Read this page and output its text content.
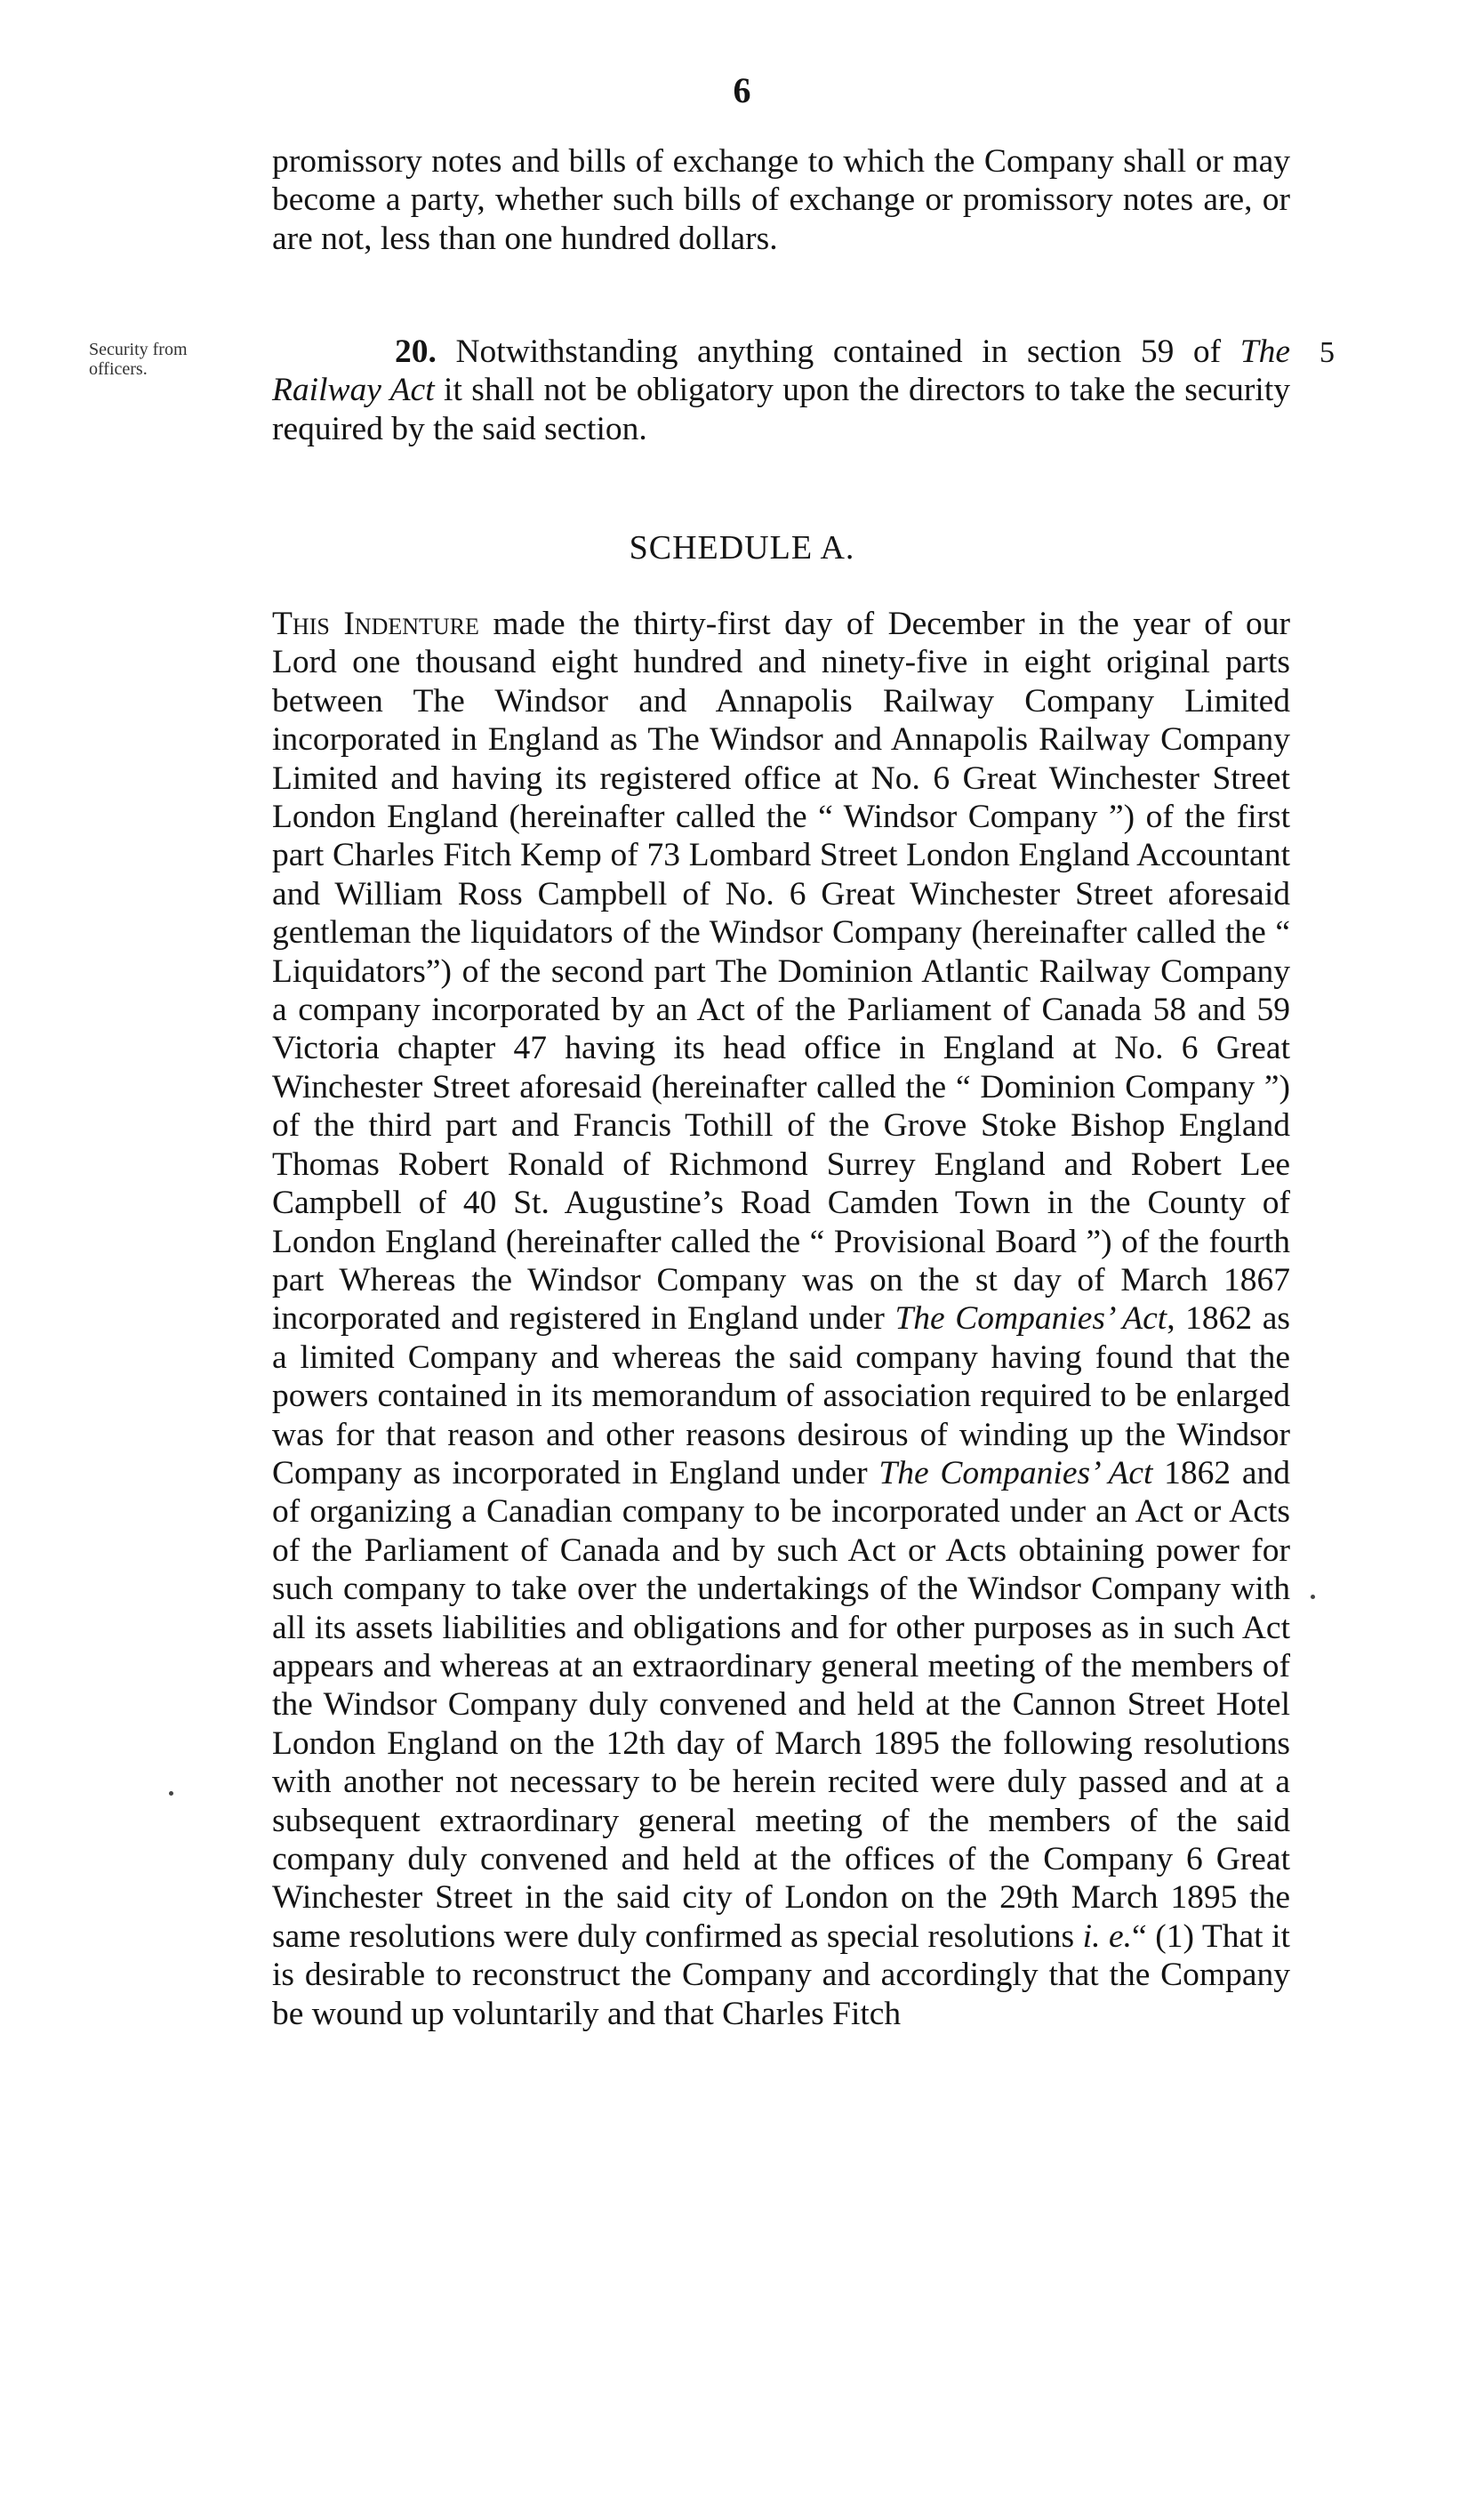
6
promissory notes and bills of exchange to which the Company shall or may become a party, whether such bills of exchange or promissory notes are, or are not, less than one hundred dollars.
Security from officers.	5
20. Notwithstanding anything contained in section 59 of The Railway Act it shall not be obligatory upon the directors to take the security required by the said section.
SCHEDULE A.
This Indenture made the thirty-first day of December in the year of our Lord one thousand eight hundred and ninety-five in eight original parts between The Windsor and Annapolis Railway Company Limited incorporated in England as The Windsor and Annapolis Railway Company Limited and having its registered office at No. 6 Great Winchester Street London England (hereinafter called the “ Windsor Company ”) of the first part Charles Fitch Kemp of 73 Lombard Street London England Accountant and William Ross Campbell of No. 6 Great Winchester Street aforesaid gentleman the liquidators of the Windsor Company (hereinafter called the “ Liquidators”) of the second part The Dominion Atlantic Railway Company a company incorporated by an Act of the Parliament of Canada 58 and 59 Victoria chapter 47 having its head office in England at No. 6 Great Winchester Street aforesaid (hereinafter called the “ Dominion Company ”) of the third part and Francis Tothill of the Grove Stoke Bishop England Thomas Robert Ronald of Richmond Surrey England and Robert Lee Campbell of 40 St. Augustine’s Road Camden Town in the County of London England (hereinafter called the “ Provisional Board ”) of the fourth part Whereas the Windsor Company was on the st day of March 1867 incorporated and registered in England under The Companies’ Act, 1862 as a limited Company and whereas the said company having found that the powers contained in its memorandum of association required to be enlarged was for that reason and other reasons desirous of winding up the Windsor Company as incorporated in England under The Companies’ Act 1862 and of organizing a Canadian company to be incorporated under an Act or Acts of the Parliament of Canada and by such Act or Acts obtaining power for such company to take over the undertakings of the Windsor Company with all its assets liabilities and obligations and for other purposes as in such Act appears and whereas at an extraordinary general meeting of the members of the Windsor Company duly convened and held at the Cannon Street Hotel London England on the 12th day of March 1895 the following resolutions with another not necessary to be herein recited were duly passed and at a subsequent extraordinary general meeting of the members of the said company duly convened and held at the offices of the Company 6 Great Winchester Street in the said city of London on the 29th March 1895 the same resolutions were duly confirmed as special resolutions i. e.“ (1) That it is desirable to reconstruct the Company and accordingly that the Company be wound up voluntarily and that Charles Fitch
